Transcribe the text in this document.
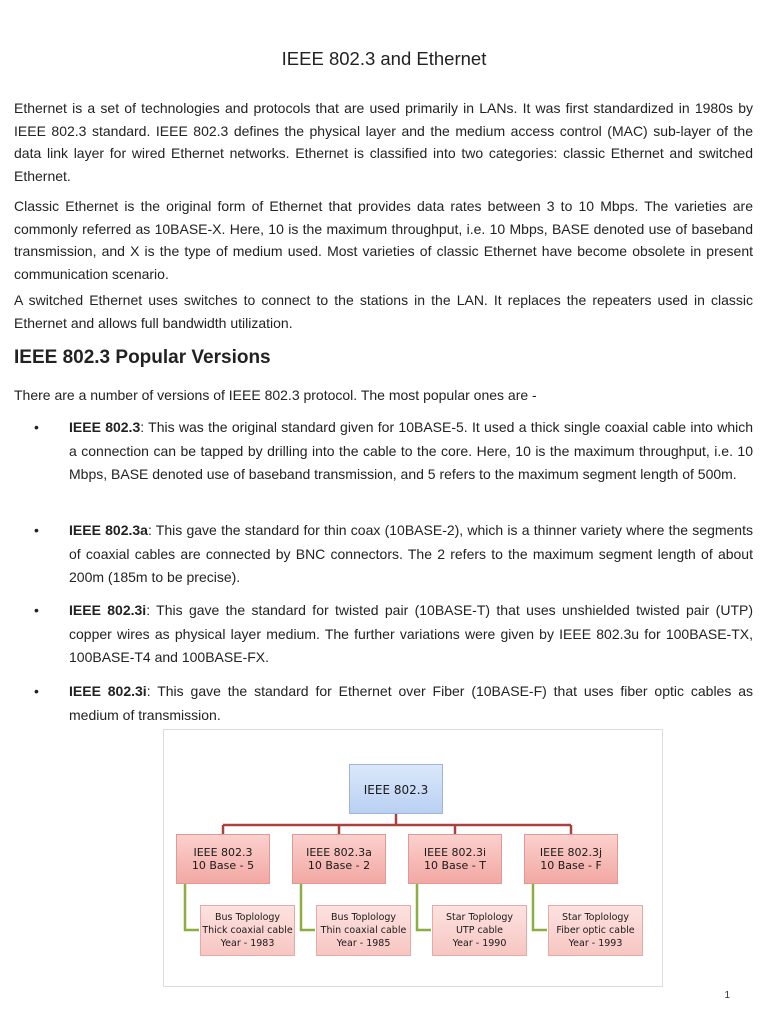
IEEE 802.3 and Ethernet

Ethernet is a set of technologies and protocols that are used primarily in LANs. It was first standardized in 1980s by IEEE 802.3 standard. IEEE 802.3 defines the physical layer and the medium access control (MAC) sub-layer of the data link layer for wired Ethernet networks. Ethernet is classified into two categories: classic Ethernet and switched Ethernet.

Classic Ethernet is the original form of Ethernet that provides data rates between 3 to 10 Mbps. The varieties are commonly referred as 10BASE-X. Here, 10 is the maximum throughput, i.e. 10 Mbps, BASE denoted use of baseband transmission, and X is the type of medium used. Most varieties of classic Ethernet have become obsolete in present communication scenario.

A switched Ethernet uses switches to connect to the stations in the LAN. It replaces the repeaters used in classic Ethernet and allows full bandwidth utilization.

IEEE 802.3 Popular Versions

There are a number of versions of IEEE 802.3 protocol. The most popular ones are -

•	IEEE 802.3: This was the original standard given for 10BASE-5. It used a thick single coaxial cable into which a connection can be tapped by drilling into the cable to the core. Here, 10 is the maximum throughput, i.e. 10 Mbps, BASE denoted use of baseband transmission, and 5 refers to the maximum segment length of 500m.
•	IEEE 802.3a: This gave the standard for thin coax (10BASE-2), which is a thinner variety where the segments of coaxial cables are connected by BNC connectors. The 2 refers to the maximum segment length of about 200m (185m to be precise).
•	IEEE 802.3i: This gave the standard for twisted pair (10BASE-T) that uses unshielded twisted pair (UTP) copper wires as physical layer medium. The further variations were given by IEEE 802.3u for 100BASE-TX, 100BASE-T4 and 100BASE-FX.
•	IEEE 802.3i: This gave the standard for Ethernet over Fiber (10BASE-F) that uses fiber optic cables as medium of transmission.
IEEE 802.3
IEEE 802.3
10 Base - 5
IEEE 802.3a
10 Base - 2
IEEE 802.3i
10 Base - T
IEEE 802.3j
10 Base - F
Bus Toplology
Thick coaxial cable
Year - 1983
Bus Toplology
Thin coaxial cable
Year - 1985
Star Toplology
UTP cable
Year - 1990
Star Toplology
Fiber optic cable
Year - 1993
1
